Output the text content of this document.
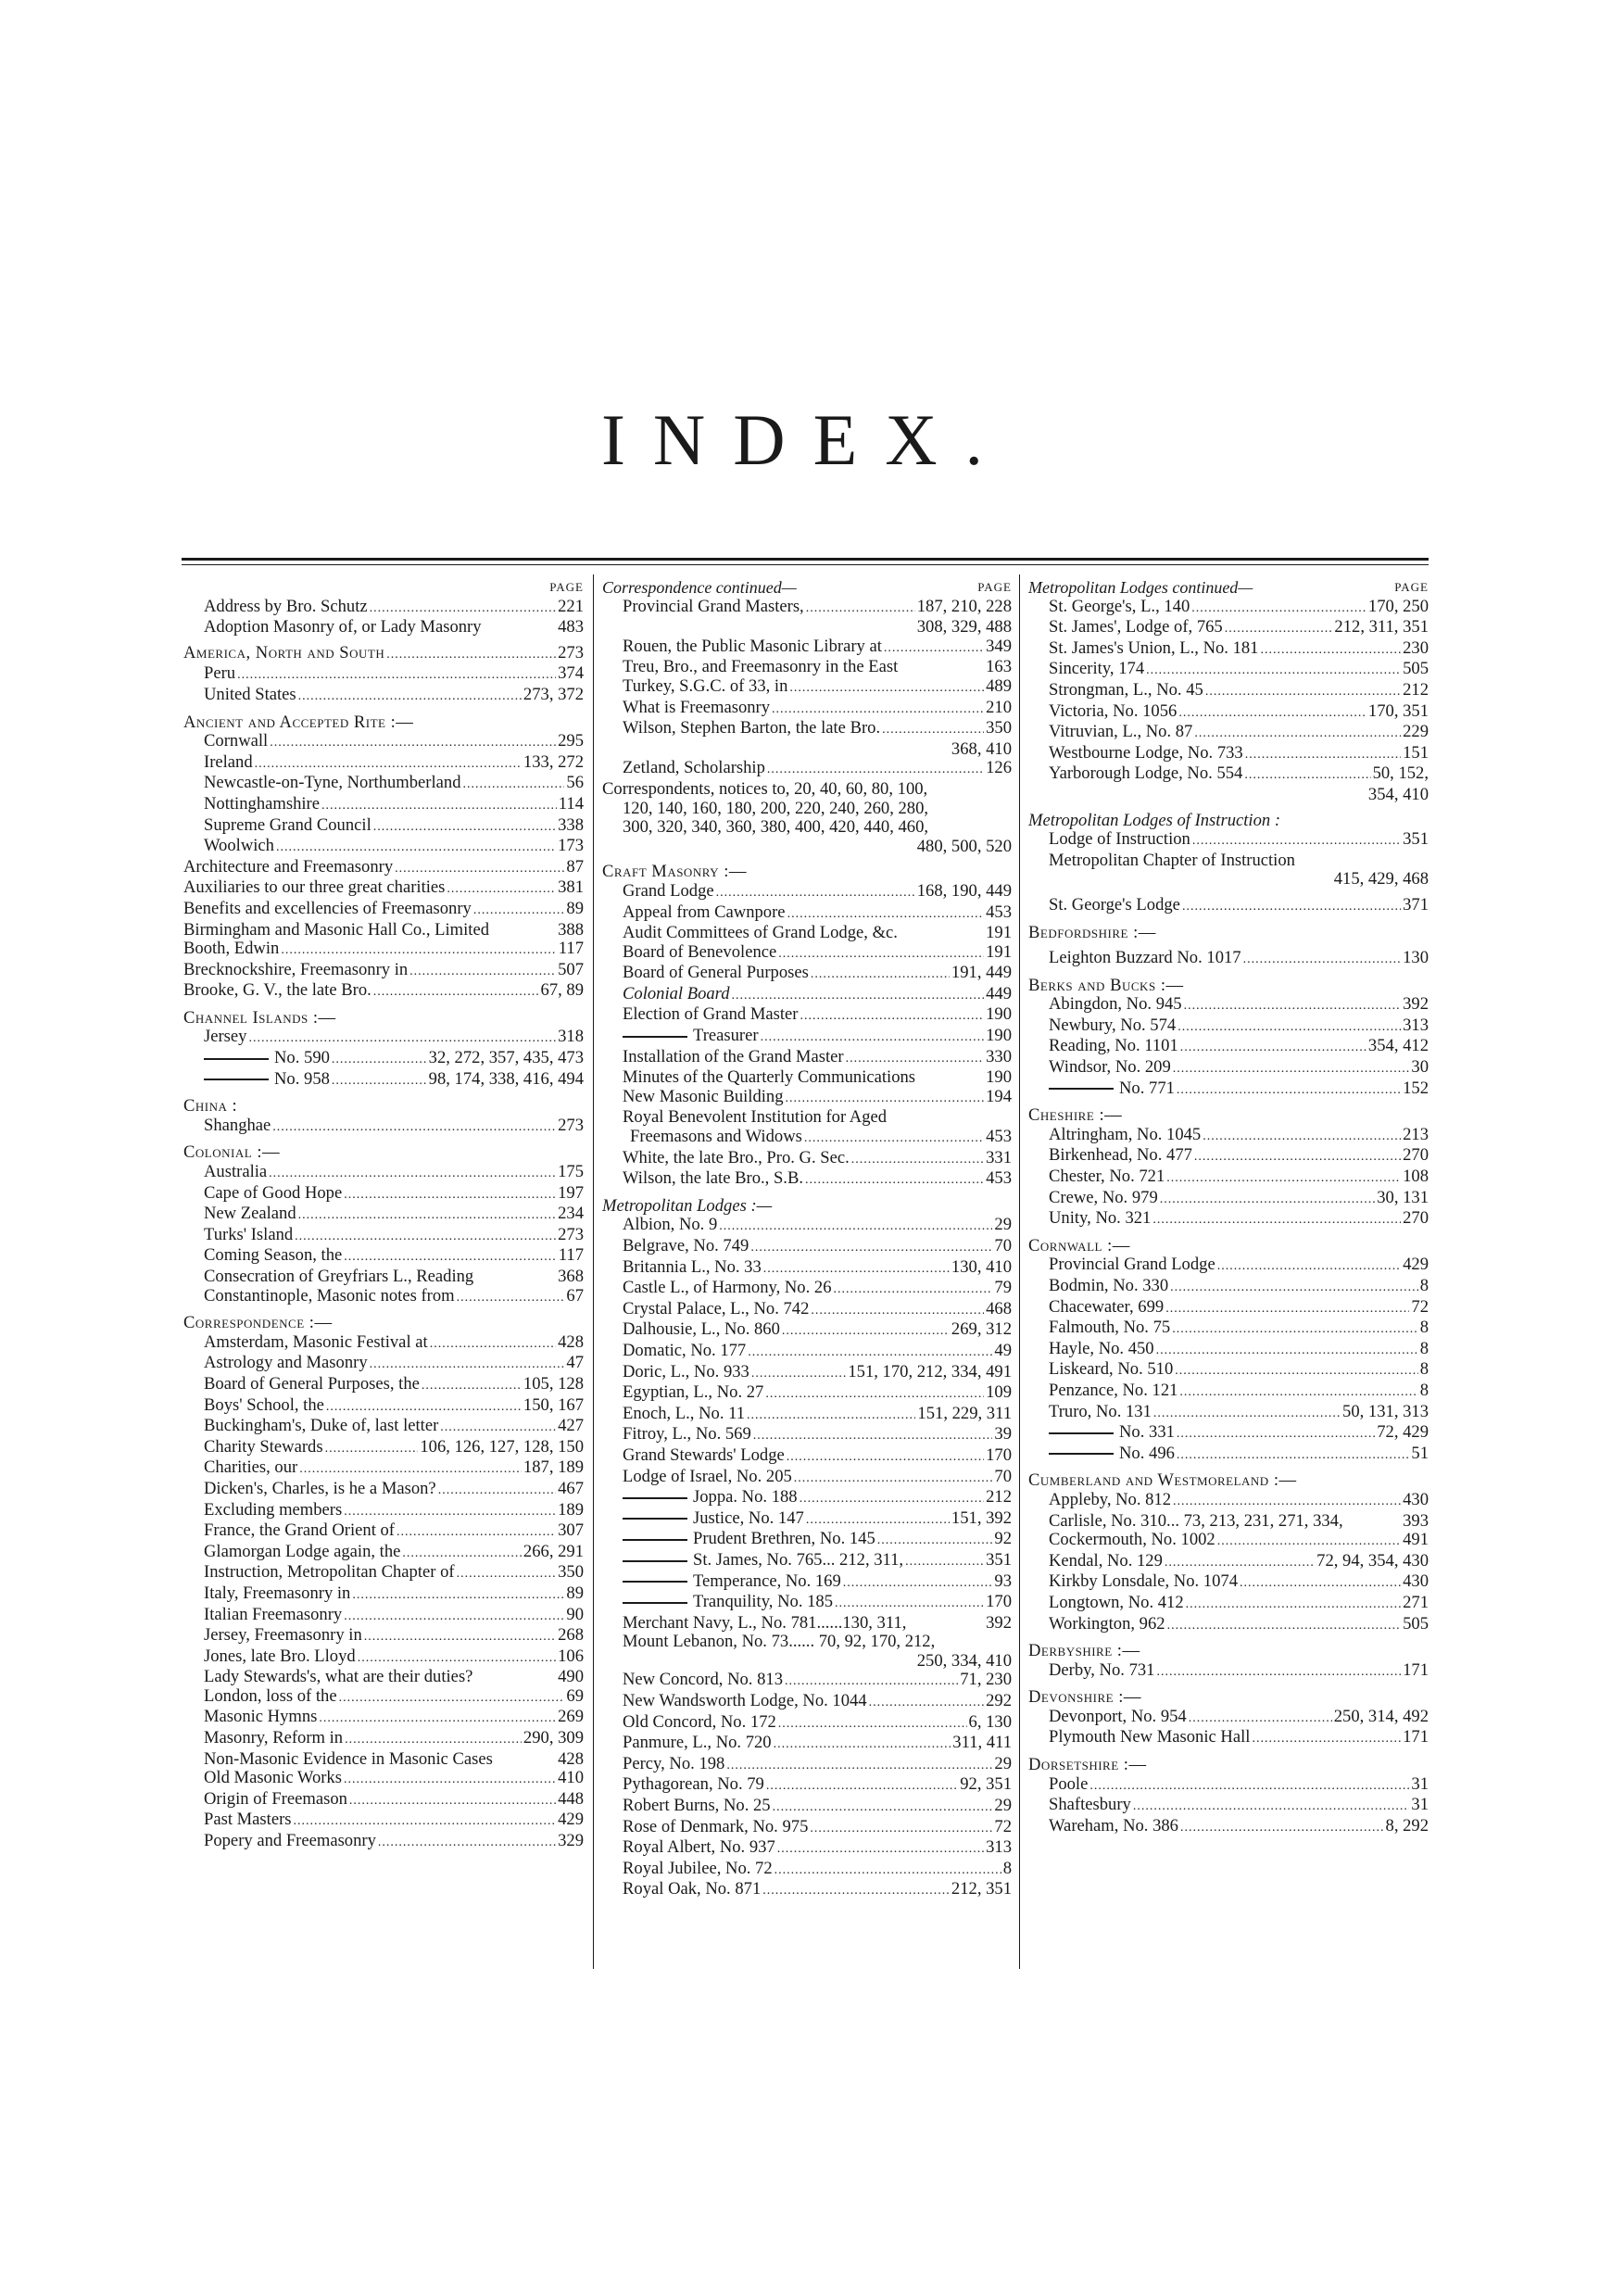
INDEX.
PAGE
Address by Bro. Schutz .....	221
Adoption Masonry of, or Lady Masonry	483
America, North and South .....	273
Peru .....	374
United States .....	273, 372
Ancient and Accepted Rite :—
Cornwall .....	295
Ireland .....	133, 272
Newcastle-on-Tyne, Northumberland .....	56
Nottinghamshire .....	114
Supreme Grand Council .....	338
Woolwich .....	173
Architecture and Freemasonry .....	87
Auxiliaries to our three great charities .....	381
Benefits and excellencies of Freemasonry .....	89
Birmingham and Masonic Hall Co., Limited	388
Booth, Edwin .....	117
Brecknockshire, Freemasonry in .....	507
Brooke, G. V., the late Bro. .....	67, 89
Channel Islands :—
Jersey .....	318
No. 590 .....	32, 272, 357, 435, 473
No. 958 .....	98, 174, 338, 416, 494
China :
Shanghae .....	273
Colonial :—
Australia .....	175
Cape of Good Hope .....	197
New Zealand .....	234
Turks' Island .....	273
Coming Season, the .....	117
Consecration of Greyfriars L., Reading	368
Constantinople, Masonic notes from .....	67
Correspondence :—
Amsterdam, Masonic Festival at .....	428
Astrology and Masonry .....	47
Board of General Purposes, the .....	105, 128
Boys' School, the .....	150, 167
Buckingham's, Duke of, last letter .....	427
Charity Stewards .....	106, 126, 127, 128, 150
Charities, our .....	187, 189
Dicken's, Charles, is he a Mason? .....	467
Excluding members .....	189
France, the Grand Orient of .....	307
Glamorgan Lodge again, the .....	266, 291
Instruction, Metropolitan Chapter of .....	350
Italy, Freemasonry in .....	89
Italian Freemasonry .....	90
Jersey, Freemasonry in .....	268
Jones, late Bro. Lloyd .....	106
Lady Stewards's, what are their duties?	490
London, loss of the .....	69
Masonic Hymns .....	269
Masonry, Reform in .....	290, 309
Non-Masonic Evidence in Masonic Cases	428
Old Masonic Works .....	410
Origin of Freemason .....	448
Past Masters .....	429
Popery and Freemasonry .....	329
Correspondence continued—	PAGE
Provincial Grand Masters, .....	187, 210, 228
308, 329, 488
Rouen, the Public Masonic Library at .....	349
Treu, Bro., and Freemasonry in the East	163
Turkey, S.G.C. of 33, in .....	489
What is Freemasonry .....	210
Wilson, Stephen Barton, the late Bro. .....	350
368, 410
Zetland, Scholarship .....	126
Correspondents, notices to, 20, 40, 60, 80, 100,
120, 140, 160, 180, 200, 220, 240, 260, 280,
300, 320, 340, 360, 380, 400, 420, 440, 460,
480, 500, 520
Craft Masonry :—
Grand Lodge .....	168, 190, 449
Appeal from Cawnpore .....	453
Audit Committees of Grand Lodge, &c.	191
Board of Benevolence .....	191
Board of General Purposes .....	191, 449
Colonial Board .....	449
Election of Grand Master .....	190
Treasurer .....	190
Installation of the Grand Master .....	330
Minutes of the Quarterly Communications	190
New Masonic Building .....	194
Royal Benevolent Institution for Aged
Freemasons and Widows .....	453
White, the late Bro., Pro. G. Sec. .....	331
Wilson, the late Bro., S.B. .....	453
Metropolitan Lodges :—
Albion, No. 9 .....	29
Belgrave, No. 749 .....	70
Britannia L., No. 33 .....	130, 410
Castle L., of Harmony, No. 26 .....	79
Crystal Palace, L., No. 742 .....	468
Dalhousie, L., No. 860 .....	269, 312
Domatic, No. 177 .....	49
Doric, L., No. 933 .....	151, 170, 212, 334, 491
Egyptian, L., No. 27 .....	109
Enoch, L., No. 11 .....	151, 229, 311
Fitroy, L., No. 569 .....	39
Grand Stewards' Lodge .....	170
Lodge of Israel, No. 205 .....	70
Joppa. No. 188 .....	212
Justice, No. 147 .....	151, 392
Prudent Brethren, No. 145 .....	92
St. James, No. 765... 212, 311, .....	351
Temperance, No. 169 .....	93
Tranquility, No. 185 .....	170
Merchant Navy, L., No. 781......130, 311,	392
Mount Lebanon, No. 73...... 70, 92, 170, 212,
250, 334, 410
New Concord, No. 813 .....	71, 230
New Wandsworth Lodge, No. 1044 .....	292
Old Concord, No. 172 .....	6, 130
Panmure, L., No. 720 .....	311, 411
Percy, No. 198 .....	29
Pythagorean, No. 79 .....	92, 351
Robert Burns, No. 25 .....	29
Rose of Denmark, No. 975 .....	72
Royal Albert, No. 937 .....	313
Royal Jubilee, No. 72 .....	8
Royal Oak, No. 871 .....	212, 351
Metropolitan Lodges continued—	PAGE
St. George's, L., 140 .....	170, 250
St. James', Lodge of, 765 .....	212, 311, 351
St. James's Union, L., No. 181 .....	230
Sincerity, 174 .....	505
Strongman, L., No. 45 .....	212
Victoria, No. 1056 .....	170, 351
Vitruvian, L., No. 87 .....	229
Westbourne Lodge, No. 733 .....	151
Yarborough Lodge, No. 554 .....	50, 152,
354, 410
Metropolitan Lodges of Instruction :
Lodge of Instruction .....	351
Metropolitan Chapter of Instruction
415, 429, 468
St. George's Lodge .....	371
Bedfordshire :—
Leighton Buzzard No. 1017 .....	130
Berks and Bucks :—
Abingdon, No. 945 .....	392
Newbury, No. 574 .....	313
Reading, No. 1101 .....	354, 412
Windsor, No. 209 .....	30
No. 771 .....	152
Cheshire :—
Altringham, No. 1045 .....	213
Birkenhead, No. 477 .....	270
Chester, No. 721 .....	108
Crewe, No. 979 .....	30, 131
Unity, No. 321 .....	270
Cornwall :—
Provincial Grand Lodge .....	429
Bodmin, No. 330 .....	8
Chacewater, 699 .....	72
Falmouth, No. 75 .....	8
Hayle, No. 450 .....	8
Liskeard, No. 510 .....	8
Penzance, No. 121 .....	8
Truro, No. 131 .....	50, 131, 313
No. 331 .....	72, 429
No. 496 .....	51
Cumberland and Westmoreland :—
Appleby, No. 812 .....	430
Carlisle, No. 310... 73, 213, 231, 271, 334,	393
Cockermouth, No. 1002 .....	491
Kendal, No. 129 .....	72, 94, 354, 430
Kirkby Lonsdale, No. 1074 .....	430
Longtown, No. 412 .....	271
Workington, 962 .....	505
Derbyshire :—
Derby, No. 731 .....	171
Devonshire :—
Devonport, No. 954 .....	250, 314, 492
Plymouth New Masonic Hall .....	171
Dorsetshire :—
Poole .....	31
Shaftesbury .....	31
Wareham, No. 386 .....	8, 292
